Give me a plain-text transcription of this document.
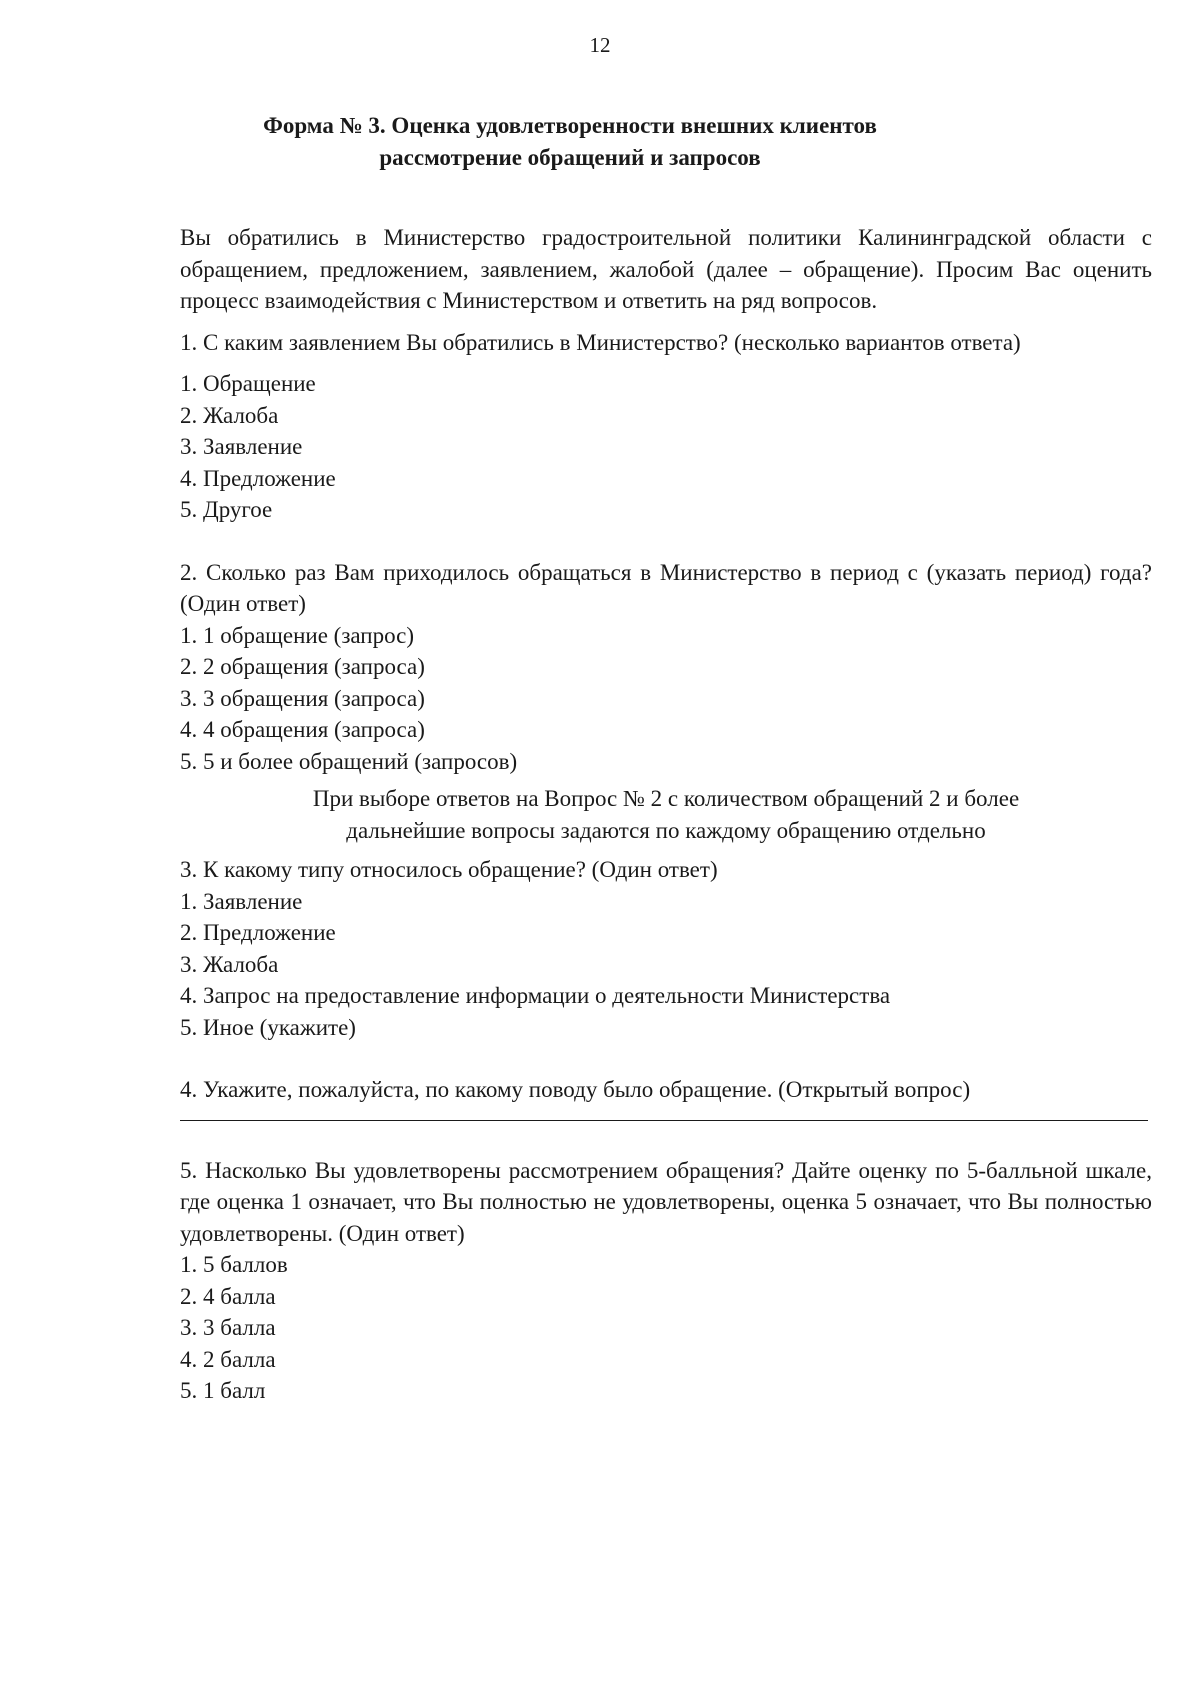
12
Форма № 3. Оценка удовлетворенности внешних клиентов
рассмотрение обращений и запросов

Вы обратились в Министерство градостроительной политики Калининградской области с обращением, предложением, заявлением, жалобой (далее – обращение). Просим Вас оценить процесс взаимодействия с Министерством и ответить на ряд вопросов.

1. С каким заявлением Вы обратились в Министерство? (несколько вариантов ответа)

1. Обращение
2. Жалоба
3. Заявление
4. Предложение
5. Другое

2. Сколько раз Вам приходилось обращаться в Министерство в период с (указать период) года? (Один ответ)

1. 1 обращение (запрос)
2. 2 обращения (запроса)
3. 3 обращения (запроса)
4. 4 обращения (запроса)
5. 5 и более обращений (запросов)
При выборе ответов на Вопрос № 2 с количеством обращений 2 и более
дальнейшие вопросы задаются по каждому обращению отдельно

3. К какому типу относилось обращение? (Один ответ)

1. Заявление
2. Предложение
3. Жалоба
4. Запрос на предоставление информации о деятельности Министерства
5. Иное (укажите)

4. Укажите, пожалуйста, по какому поводу было обращение. (Открытый вопрос)

5. Насколько Вы удовлетворены рассмотрением обращения? Дайте оценку по 5-балльной шкале, где оценка 1 означает, что Вы полностью не удовлетворены, оценка 5 означает, что Вы полностью удовлетворены. (Один ответ)

1. 5 баллов
2. 4 балла
3. 3 балла
4. 2 балла
5. 1 балл
